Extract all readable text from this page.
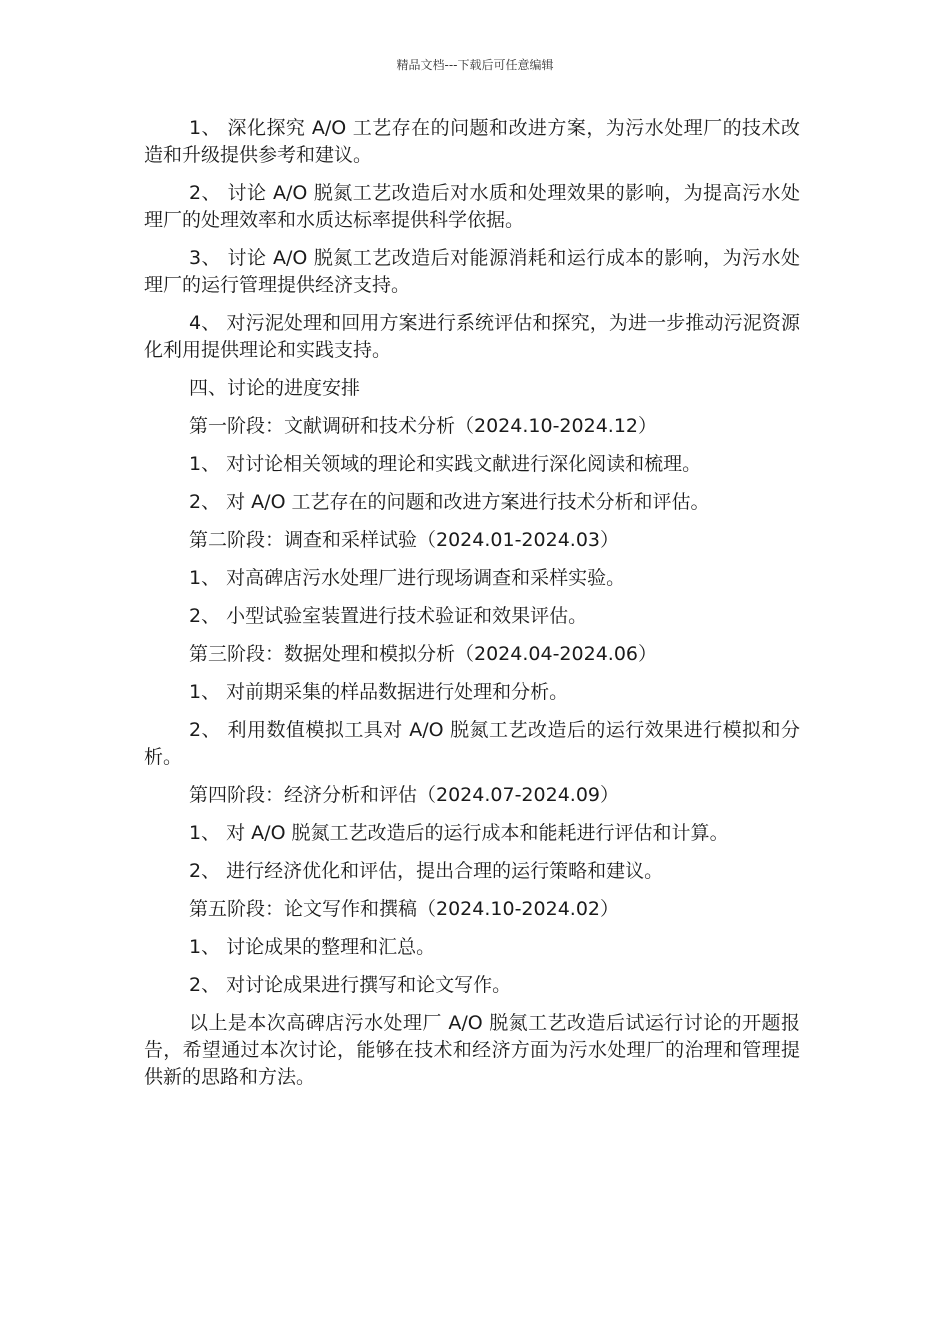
精品文档---下载后可任意编辑

1、 深化探究 A/O 工艺存在的问题和改进方案，为污水处理厂的技术改造和升级提供参考和建议。

2、 讨论 A/O 脱氮工艺改造后对水质和处理效果的影响，为提高污水处理厂的处理效率和水质达标率提供科学依据。

3、 讨论 A/O 脱氮工艺改造后对能源消耗和运行成本的影响，为污水处理厂的运行管理提供经济支持。

4、 对污泥处理和回用方案进行系统评估和探究，为进一步推动污泥资源化利用提供理论和实践支持。

四、讨论的进度安排

第一阶段：文献调研和技术分析（2024.10-2024.12）

1、 对讨论相关领域的理论和实践文献进行深化阅读和梳理。

2、 对 A/O 工艺存在的问题和改进方案进行技术分析和评估。

第二阶段：调查和采样试验（2024.01-2024.03）

1、 对高碑店污水处理厂进行现场调查和采样实验。

2、 小型试验室装置进行技术验证和效果评估。

第三阶段：数据处理和模拟分析（2024.04-2024.06）

1、 对前期采集的样品数据进行处理和分析。

2、 利用数值模拟工具对 A/O 脱氮工艺改造后的运行效果进行模拟和分析。

第四阶段：经济分析和评估（2024.07-2024.09）

1、 对 A/O 脱氮工艺改造后的运行成本和能耗进行评估和计算。

2、 进行经济优化和评估，提出合理的运行策略和建议。

第五阶段：论文写作和撰稿（2024.10-2024.02）

1、 讨论成果的整理和汇总。

2、 对讨论成果进行撰写和论文写作。

以上是本次高碑店污水处理厂 A/O 脱氮工艺改造后试运行讨论的开题报告，希望通过本次讨论，能够在技术和经济方面为污水处理厂的治理和管理提供新的思路和方法。
